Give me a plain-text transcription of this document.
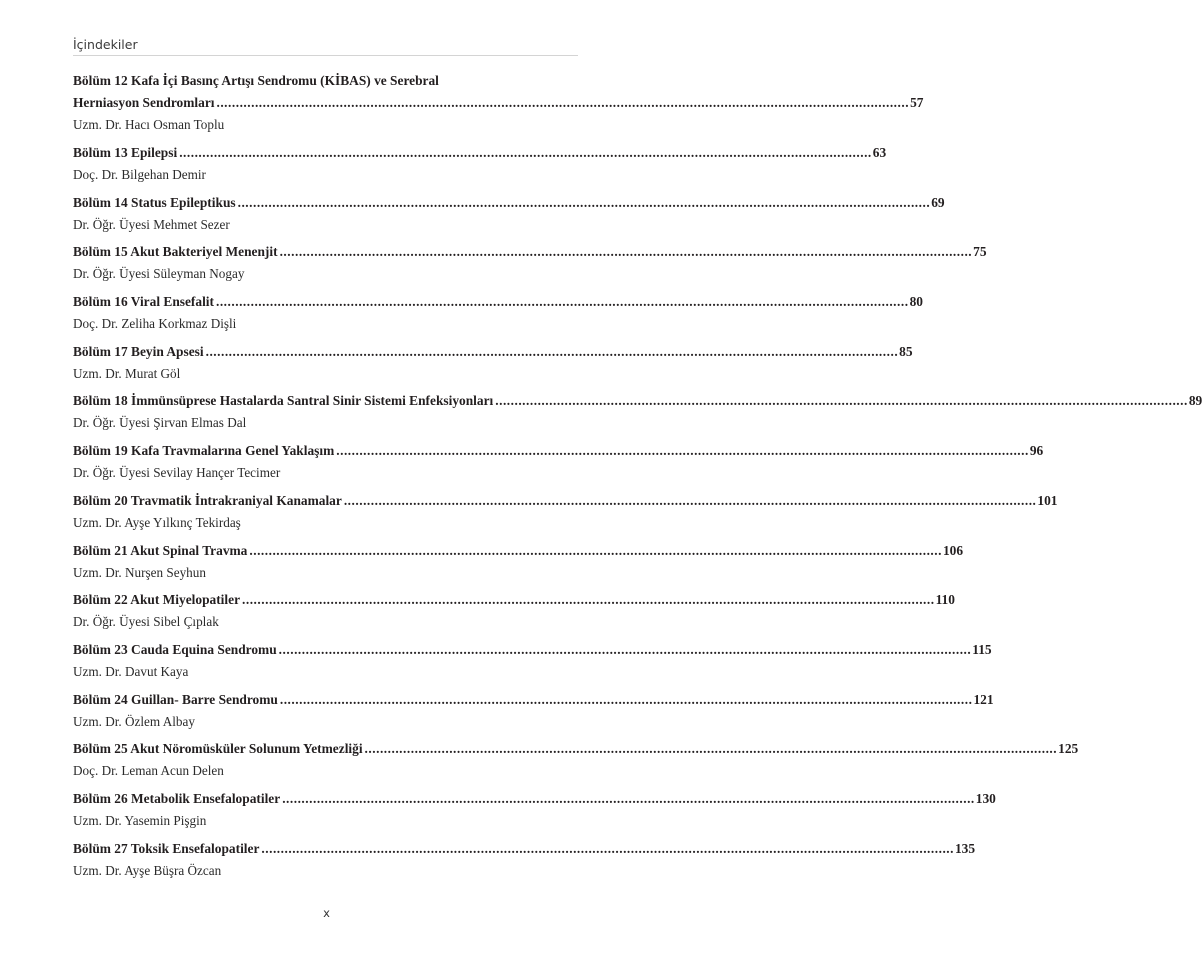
İçindekiler
Bölüm 12 Kafa İçi Basınç Artışı Sendromu (KİBAS) ve Serebral
Herniasyon Sendromları .................................................................................................................................................................................... 57
Uzm. Dr. Hacı Osman Toplu
Bölüm 13 Epilepsi .................................................................................................................................................................................... 63
Doç. Dr. Bilgehan Demir
Bölüm 14 Status Epileptikus .................................................................................................................................................................................... 69
Dr. Öğr. Üyesi Mehmet Sezer
Bölüm 15 Akut Bakteriyel Menenjit .................................................................................................................................................................................... 75
Dr. Öğr. Üyesi Süleyman Nogay
Bölüm 16 Viral Ensefalit .................................................................................................................................................................................... 80
Doç. Dr. Zeliha Korkmaz Dişli
Bölüm 17 Beyin Apsesi .................................................................................................................................................................................... 85
Uzm. Dr. Murat Göl
Bölüm 18 İmmünsüprese Hastalarda Santral Sinir Sistemi Enfeksiyonları .................................................................................................................................................................................... 89
Dr. Öğr. Üyesi Şirvan Elmas Dal
Bölüm 19 Kafa Travmalarına Genel Yaklaşım .................................................................................................................................................................................... 96
Dr. Öğr. Üyesi Sevilay Hançer Tecimer
Bölüm 20 Travmatik İntrakraniyal Kanamalar .................................................................................................................................................................................... 101
Uzm. Dr. Ayşe Yılkınç Tekirdaş
Bölüm 21 Akut Spinal Travma .................................................................................................................................................................................... 106
Uzm. Dr. Nurşen Seyhun
Bölüm 22 Akut Miyelopatiler .................................................................................................................................................................................... 110
Dr. Öğr. Üyesi Sibel Çıplak
Bölüm 23 Cauda Equina Sendromu .................................................................................................................................................................................... 115
Uzm. Dr. Davut Kaya
Bölüm 24 Guillan- Barre Sendromu .................................................................................................................................................................................... 121
Uzm. Dr. Özlem Albay
Bölüm 25 Akut Nöromüsküler Solunum Yetmezliği .................................................................................................................................................................................... 125
Doç. Dr. Leman Acun Delen
Bölüm 26 Metabolik Ensefalopatiler .................................................................................................................................................................................... 130
Uzm. Dr. Yasemin Pişgin
Bölüm 27 Toksik Ensefalopatiler .................................................................................................................................................................................... 135
Uzm. Dr. Ayşe Büşra Özcan
x
